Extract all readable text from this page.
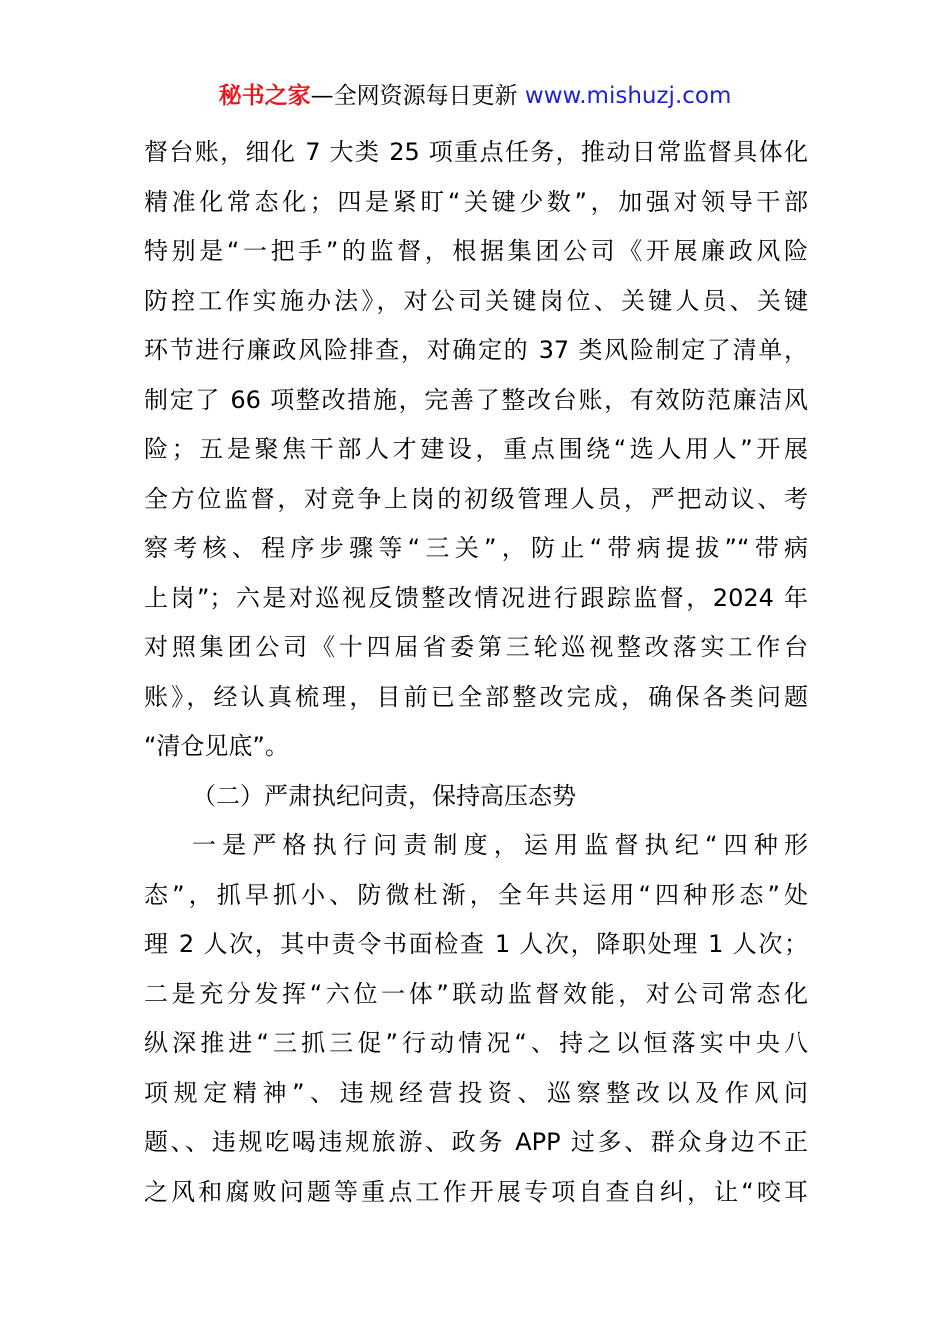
秘书之家—全网资源每日更新 www.mishuzj.com
督台账，细化 7 大类 25 项重点任务，推动日常监督具体化
精准化常态化；四是紧盯“关键少数”，加强对领导干部
特别是“一把手”的监督，根据集团公司《开展廉政风险
防控工作实施办法》，对公司关键岗位、关键人员、关键
环节进行廉政风险排查，对确定的 37 类风险制定了清单，
制定了 66 项整改措施，完善了整改台账，有效防范廉洁风
险；五是聚焦干部人才建设，重点围绕“选人用人”开展
全方位监督，对竞争上岗的初级管理人员，严把动议、考
察考核、程序步骤等“三关”，防止“带病提拔”“带病
上岗”；六是对巡视反馈整改情况进行跟踪监督，2024 年
对照集团公司《十四届省委第三轮巡视整改落实工作台
账》，经认真梳理，目前已全部整改完成，确保各类问题
“清仓见底”。
（二）严肃执纪问责，保持高压态势
一是严格执行问责制度，运用监督执纪“四种形
态”，抓早抓小、防微杜渐，全年共运用“四种形态”处
理 2 人次，其中责令书面检查 1 人次，降职处理 1 人次；
二是充分发挥“六位一体”联动监督效能，对公司常态化
纵深推进“三抓三促”行动情况“、持之以恒落实中央八
项规定精神”、违规经营投资、巡察整改以及作风问
题、、违规吃喝违规旅游、政务 APP 过多、群众身边不正
之风和腐败问题等重点工作开展专项自查自纠，让“咬耳
